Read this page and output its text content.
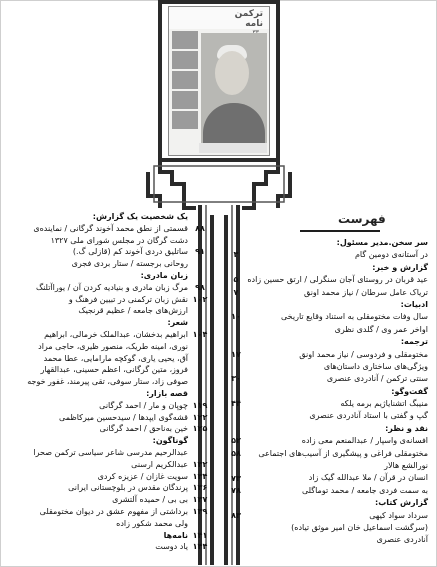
ترکمن
نامه
فهرست
سر سخن.مدیر مسئول:
در آستانه‌ی دومین گام
گزارش و خبر:
عید قربان در روستای آجان سنگرلی / ارتق حسین زاده
تریاک عامل سرطان / نیاز محمد اونق
ادبیات:
سال وفات مختومقلی به استناد وقایع تاریخی
اواخر عمر وی / گلدی نظری
ترجمه:
مختومقلی و فردوسی / نیاز محمد اونق
ویژگی‌های ساختاری داستان‌های
سنتی ترکمن / آنادردی عنصری
گفت‌وگو:
منیبگ اتشنایاژیم برمه یلکه
گپ و گفتی با استاد آنادردی عنصری
نقد و نظر:
افسانه‌ی واسپار / عبدالمنعم معی زاده
مختومقلی فراغی و پیشگیری از آسیب‌های اجتماعی
نورالشع هالار
انسان در قرآن / ملا عبدالله گیک زاد
به سمت فردی جامعه / محمد توماگلی
گزارش کتاب:
سرداد سواد کیهی
(سرگشت اسماعیل خان امیر موثق تیاده)
آنادردی عنصری
۳
۵
۷
۱۰
۱۷
۳۰
۴۴
۵۲
۵۸
۷۳
۷۸
۸۳
یک شخصیت یک گزارش:
قسمتی از نطق محمد آخوند گرگانی / نماینده‌ی
دشت گرگان در مجلس شورای ملی ۱۳۲۷
ساتلیق دردی آخوند کم (قازلی گ.)
روحانی برجسته / ستار بردی فجری
زبان مادری:
مرگ زبان مادری و بنیادیه کردن آن / یوراآتلنگ
نقش زبان ترکمنی در تبیین فرهنگ و
ارزش‌های جامعه / عظیم قرنجیک
شعر:
ابراهیم بدخشان، عبدالملک خرمالی، ابراهیم
نوری، امینه طریک، منصور ظیری، حاجی مراد
آق، یحیی یاری، گوکچه مارامایی، عطا محمد
فروز، متین گرگانی، اعظم حسینی، عبدالقهار
صوفی زاد، ستار سوفی، تقی پیرمند، غفور خوجه
قصه بازار:
چوپان و مار / احمد گرگانی
قشه‌گوی ایپدها / سیدحسین میرکاظمی
خین به‌ناحق / احمد گرگانی
گوناگون:
عبدالرحیم مدرسی شاعر سیاسی ترکمن صحرا
عبدالکریم ارسنی
سویت غازان / عزیزه کردی
پرندگان مقدس در بلوچستانی ایرانی
بی بی / حمیده آلتشری
برداشتی از مفهوم عشق در دیوان مختومقلی
ولی محمد شکور زاده
نامه‌ها
یاد دوست
۸۸
۹۱
۹۸
۱۰۲
۱۰۴
۱۱۹
۱۲۲
۱۲۵
۱۳۲
۱۳۴
۱۳۶
۱۳۷
۱۳۹
۱۴۱
۱۴۴
